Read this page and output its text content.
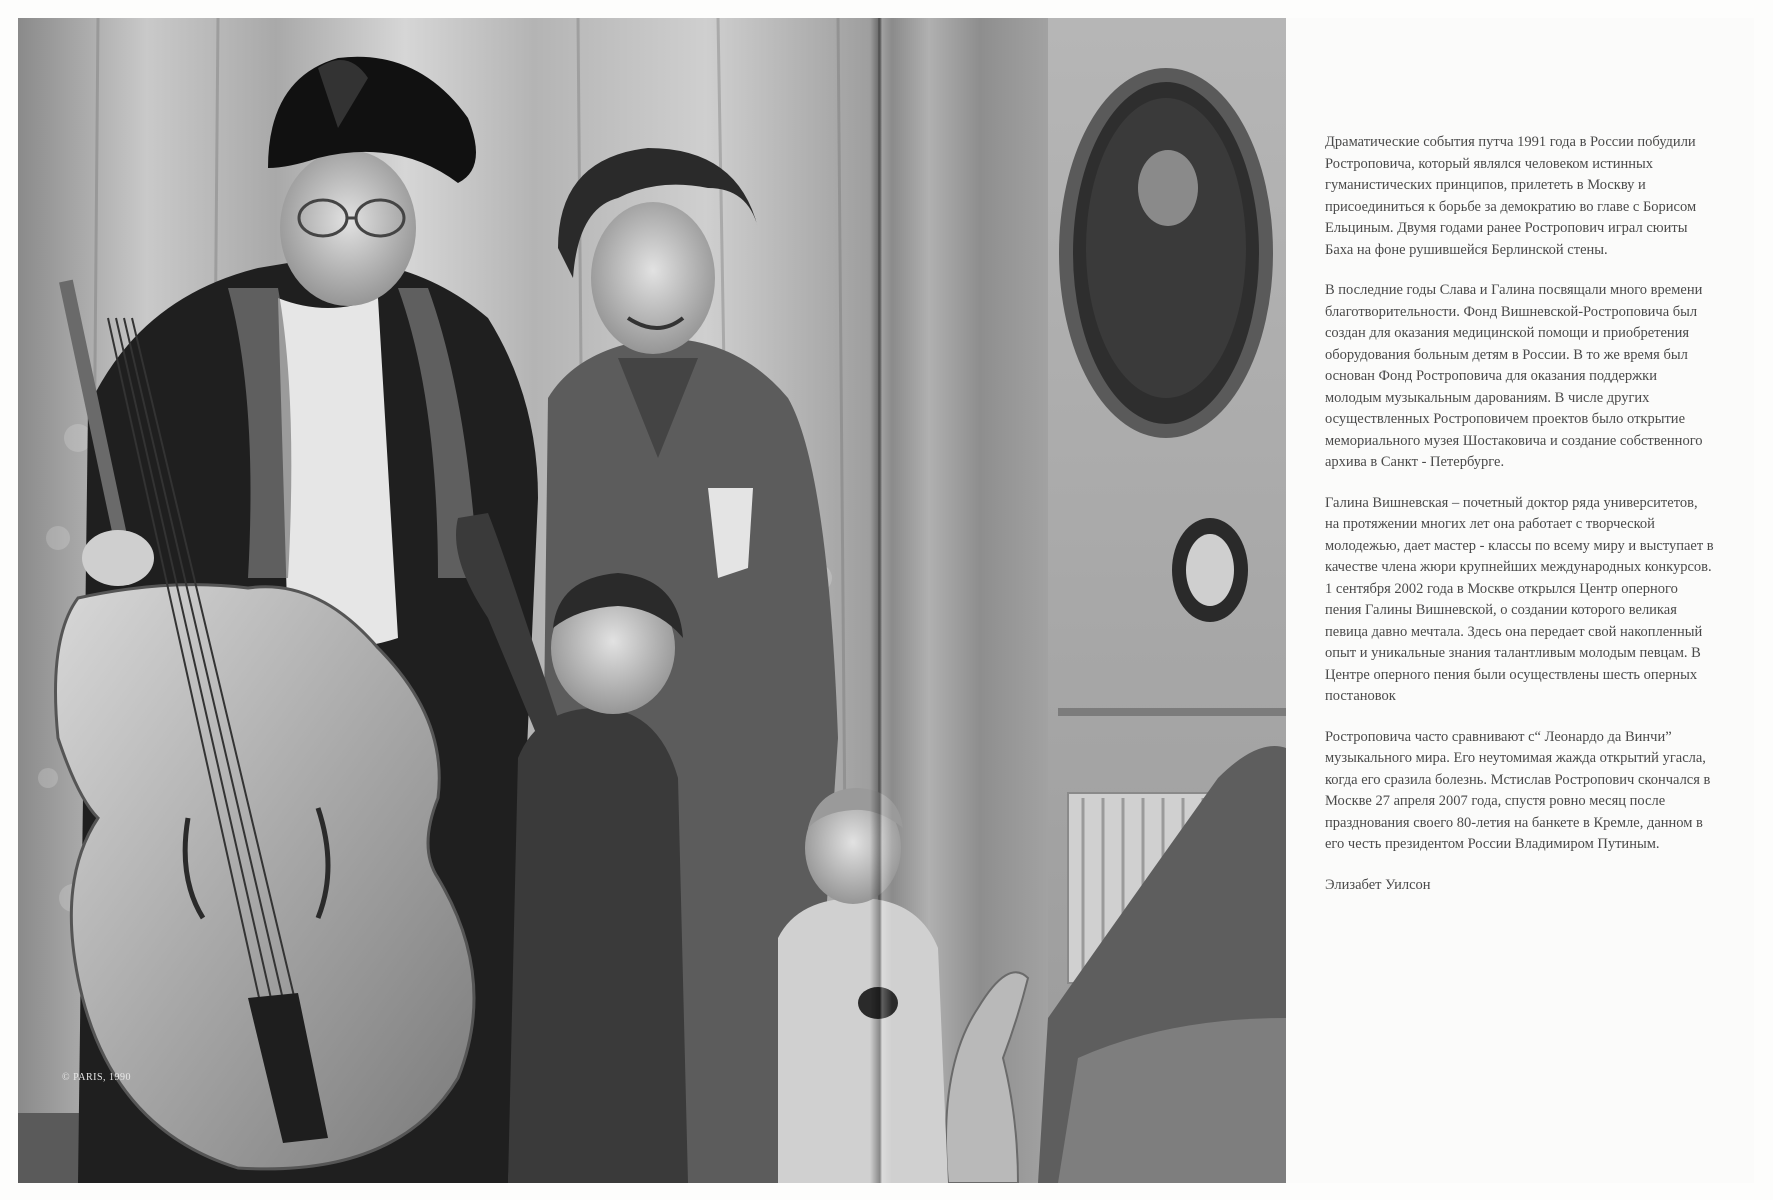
© PARIS, 1990

Драматические события путча 1991 года в России побудили Ростроповича, который являлся человеком истинных гуманистических принципов, прилететь в Москву и присоединиться к борьбе за демократию во главе с Борисом Ельциным. Двумя годами ранее Ростропович играл сюиты Баха на фоне рушившейся Берлинской стены.

В последние годы Слава и Галина посвящали много времени благотворительности. Фонд Вишневской-Ростроповича был создан для оказания медицинской помощи и приобретения оборудования больным детям в России. В то же время был основан Фонд Ростроповича для оказания поддержки молодым музыкальным дарованиям. В числе других осуществленных Ростроповичем проектов было открытие мемориального музея Шостаковича и создание собственного архива в Санкт - Петербурге.

Галина Вишневская – почетный доктор ряда университетов, на протяжении многих лет она работает с творческой молодежью, дает мастер - классы по всему миру и выступает в качестве члена жюри крупнейших международных конкурсов. 1 сентября 2002 года в Москве открылся Центр оперного пения Галины Вишневской, о создании которого великая певица давно мечтала. Здесь она передает свой накопленный опыт и уникальные знания талантливым молодым певцам. В Центре оперного пения были осуществлены шесть оперных постановок

Ростроповича часто сравнивают с“ Леонардо да Винчи” музыкального мира. Его неутомимая жажда открытий угасла, когда его сразила болезнь. Мстислав Ростропович скончался в Москве 27 апреля 2007 года, спустя ровно месяц после празднования своего 80-летия на банкете в Кремле, данном в его честь президентом России Владимиром Путиным.

Элизабет Уилсон
